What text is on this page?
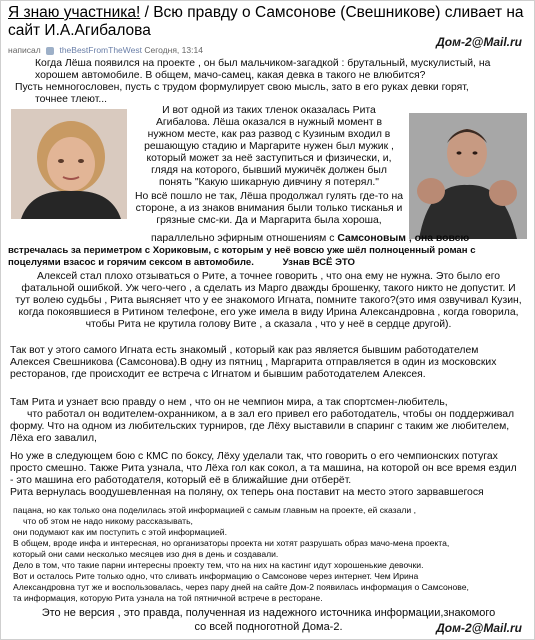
Я знаю участника! / Всю правду о Самсонове (Свешникове) сливает на сайт И.А.Агибалова
написал theBestFromTheWest Сегодня, 13:14
Дом-2@Mail.ru
Когда Лёша появился на проекте , он был мальчиком-загадкой : брутальный, мускулистый, на
хорошем автомобиле. В общем, мачо-самец, какая девка в такого не влюбится?
Пусть немногословен, пусть с трудом формулирует свою мысль, зато в его руках девки горят,
точнее тлеют...
И вот одной из таких тленок оказалась Рита
Агибалова. Лёша оказался в нужный момент в
нужном месте, как раз развод с Кузиным входил в
решающую стадию и Маргарите нужен был мужик ,
который может за неё заступиться и физически, и,
глядя на которого, бывший мужичёк должен был
понять "Какую шикарную дивчину я потерял."
Но всё пошло не так, Лёша продолжал гулять где-то на
стороне, а из знаков внимания были только тисканья и
грязные смс-ки. Да и Маргарита была хороша,
параллельно эфирным отношениям с Самсоновым , она вовсю
встречалась за периметром с Хориковым, с которым у неё вовсю уже шёл полноценный роман с
поцелуями взасос и горячим сексом в автомобиле.	Узнав ВСЁ ЭТО
Алексей стал плохо отзываться о Рите, а точнее говорить , что она ему не нужна. Это было его
фатальной ошибкой. Уж чего-чего , а сделать из Марго дважды брошенку, такого никто не допустит. И
тут волею судьбы , Рита выясняет что у ее знакомого Игната, помните такого?(это имя озвучивал Кузин,
когда покоявшиеся в Ритином телефоне, его уже имела в виду Ирина Александровна , когда говорила,
чтобы Рита не крутила голову Вите , а сказала , что у неё в сердце другой).
Так вот у этого самого Игната есть знакомый , который как раз является бывшим работодателем
Алексея Свешникова (Самсонова).В одну из пятниц , Маргарита отправляется в один из московских
ресторанов, где происходит ее встреча с Игнатом и бывшим работодателем Алексея.
Там Рита и узнает всю правду о нем , что он не чемпион мира, а так спортсмен-любитель,
что работал он водителем-охранником, а в зал его привел его работодатель, чтобы он поддерживал
форму. Что на одном из любительских турниров, где Лёху выставили в спаринг с таким же любителем,
Лёха его завалил,
Но уже в следующем бою с КМС по боксу, Лёху уделали так, что говорить о его чемпионских потугах
просто смешно. Также Рита узнала, что Лёха гол как сокол, а та машина, на которой он все время ездил
- это машина его работодателя, который её в ближайшие дни отберёт.
Рита вернулась воодушевленная на поляну, ох теперь она поставит на место этого зарвавшегося
пацана, но как только она поделилась этой информацией с самым главным на проекте, ей сказали ,
что об этом не надо никому рассказывать,
они подумают как им поступить с этой информацией.
В общем, вроде инфа и интересная, но организаторы проекта ни хотят разрушать образ мачо-мена проекта,
который они сами несколько месяцев изо дня в день и создавали.
Дело в том, что такие парни интересны проекту тем, что на них на кастинг идут хорошенькие девочки.
Вот и осталось Рите только одно, что сливать информацию о Самсонове через интернет. Чем Ирина
Александровна тут же и воспользовалась, через пару дней на сайте Дом-2 появилась информация о Самсонове,
та информация, которую Рита узнала на той пятничной встрече в ресторане.
Это не версия , это правда, полученная из надежного источника информации,знакомого
со всей подноготной Дома-2.	Дом-2@Mail.ru
